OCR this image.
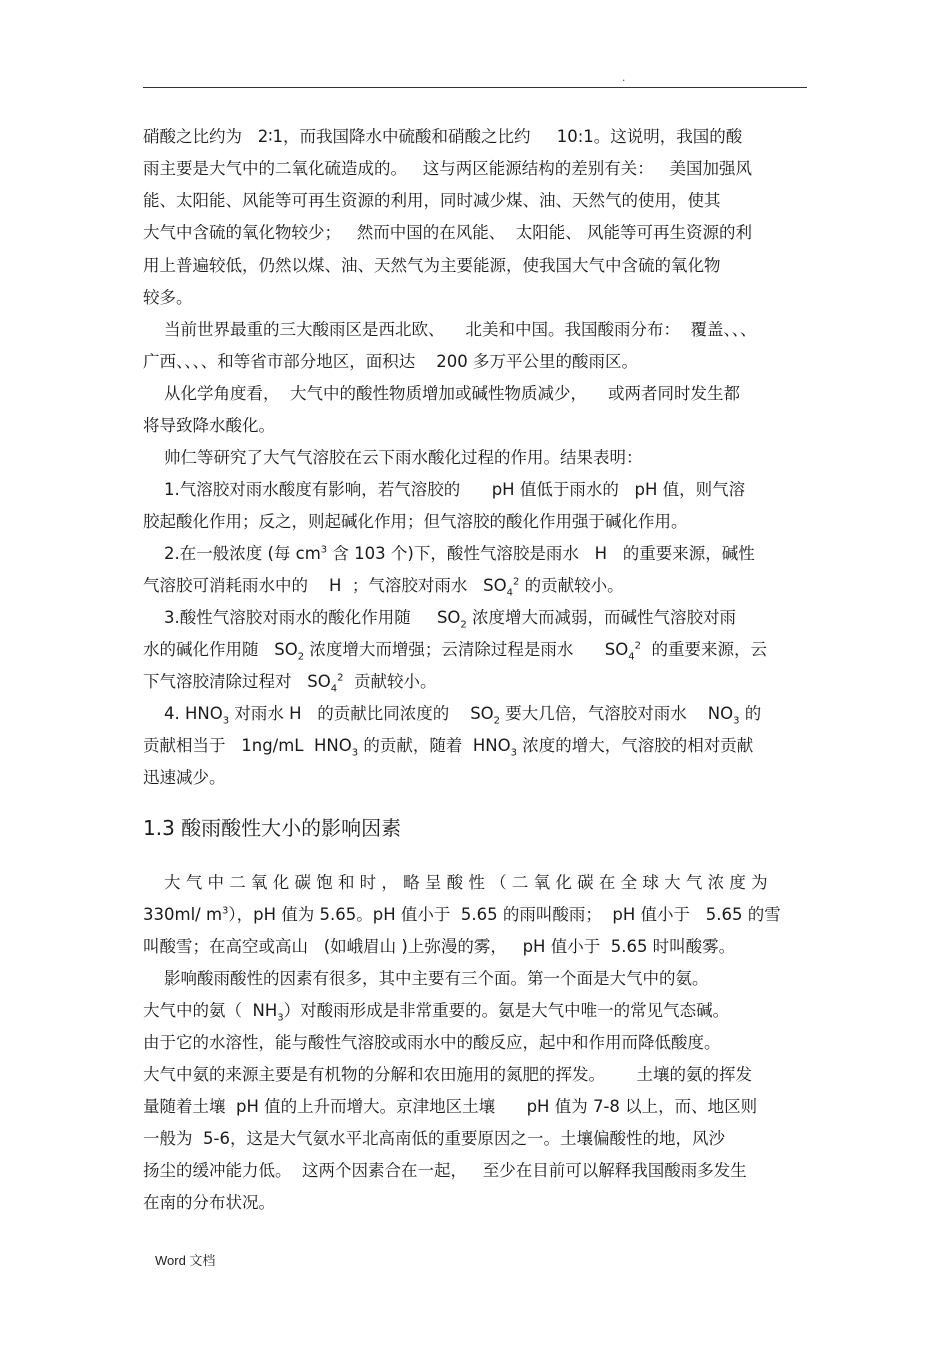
.
硝酸之比约为   2∶1，而我国降水中硫酸和硝酸之比约     10:1。这说明，我国的酸
雨主要是大气中的二氧化硫造成的。   这与两区能源结构的差别有关：   美国加强风
能、太阳能、风能等可再生资源的利用，同时减少煤、油、天然气的使用，使其
大气中含硫的氧化物较少；   然而中国的在风能、  太阳能、 风能等可再生资源的利
用上普遍较低，仍然以煤、油、天然气为主要能源，使我国大气中含硫的氧化物
较多。
当前世界最重的三大酸雨区是西北欧、    北美和中国。我国酸雨分布：  覆盖、、、
广西、、、、和等省市部分地区，面积达    200 多万平公里的酸雨区。
从化学角度看，  大气中的酸性物质增加或碱性物质减少，    或两者同时发生都
将导致降水酸化。
帅仁等研究了大气气溶胶在云下雨水酸化过程的作用。结果表明：
1.气溶胶对雨水酸度有影响，若气溶胶的      pH 值低于雨水的   pH 值，则气溶
胶起酸化作用；反之，则起碱化作用；但气溶胶的酸化作用强于碱化作用。
2.在一般浓度 (每 $cm^3$ 含 103 个)下，酸性气溶胶是雨水   H   的重要来源，碱性
气溶胶可消耗雨水中的    H  ；气溶胶对雨水   $SO_4^2$ 的贡献较小。
3.酸性气溶胶对雨水的酸化作用随     $SO_2$ 浓度增大而减弱，而碱性气溶胶对雨
水的碱化作用随   $SO_2$ 浓度增大而增强；云清除过程是雨水      $SO_4^2$  的重要来源，云
下气溶胶清除过程对   $SO_4^2$  贡献较小。
4. $HNO_3$ 对雨水 H   的贡献比同浓度的    $SO_2$ 要大几倍，气溶胶对雨水    $NO_3$ 的
贡献相当于   1ng/mL  $HNO_3$ 的贡献，随着  $HNO_3$ 浓度的增大，气溶胶的相对贡献
迅速减少。
1.3 酸雨酸性大小的影响因素
大 气 中 二 氧 化 碳 饱 和 时 ， 略 呈 酸 性 （ 二 氧 化 碳 在 全 球 大 气 浓 度 为
330ml/ $m^3$），pH 值为 5.65。pH 值小于  5.65 的雨叫酸雨；  pH 值小于   5.65 的雪
叫酸雪；在高空或高山   (如峨眉山 )上弥漫的雾，   pH 值小于  5.65 时叫酸雾。
影响酸雨酸性的因素有很多，其中主要有三个面。第一个面是大气中的氨。
大气中的氨（  $NH_3$）对酸雨形成是非常重要的。氨是大气中唯一的常见气态碱。
由于它的水溶性，能与酸性气溶胶或雨水中的酸反应，起中和作用而降低酸度。
大气中氨的来源主要是有机物的分解和农田施用的氮肥的挥发。      土壤的氨的挥发
量随着土壤  pH 值的上升而增大。京津地区土壤      pH 值为 7-8 以上，而、地区则
一般为  5-6，这是大气氨水平北高南低的重要原因之一。土壤偏酸性的地，风沙
扬尘的缓冲能力低。  这两个因素合在一起，   至少在目前可以解释我国酸雨多发生
在南的分布状况。
Word 文档
